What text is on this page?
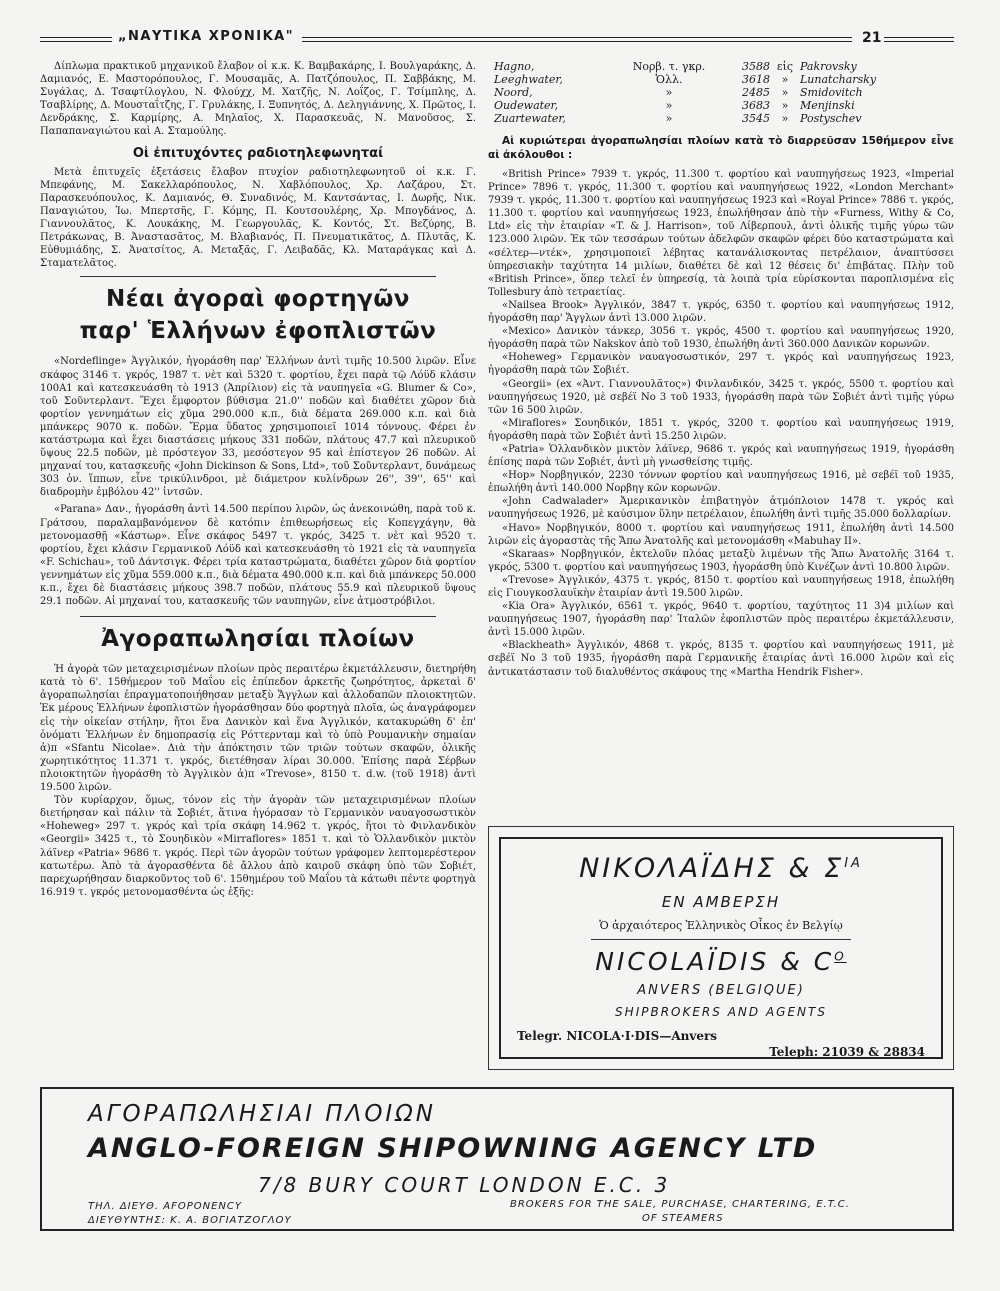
„ΝΑΥΤΙΚΑ ΧΡΟΝΙΚΑ"	21

Δίπλωμα πρακτικοῦ μηχανικοῦ ἔλαβον οἱ κ.κ. Κ. Βαμβακάρης, Ι. Βουλγαράκης, Δ. Δαμιανός, Ε. Μαστορόπουλος, Γ. Μουσαμᾶς, Α. Πατζόπουλος, Π. Σαββάκης, Μ. Συγάλας, Δ. Τσαφτίλογλου, Ν. Φλούχχ, Μ. Χατζῆς, Ν. Λοΐζος, Γ. Τσίμπλης, Δ. Τσαβλίρης, Δ. Μουσταΐτζης, Γ. Γρυλάκης, Ι. Ξυπνητός, Δ. Δεληγιάννης, Χ. Πρῶτος, Ι. Δενδράκης, Σ. Καρμίρης, Α. Μηλαῖος, Χ. Παρασκευᾶς, Ν. Μανοῦσος, Σ. Παπαπαναγιώτου καὶ Α. Σταμούλης.

Οἱ ἐπιτυχόντες ραδιοτηλεφωνηταί

Μετὰ ἐπιτυχεῖς ἐξετάσεις ἔλαβον πτυχίον ραδιοτηλεφωνητοῦ οἱ κ.κ. Γ. Μπεφάνης, Μ. Σακελλαρόπουλος, Ν. Χαβλόπουλος, Χρ. Λαζάρου, Στ. Παρασκευόπουλος, Κ. Δαμιανός, Θ. Συναδινός, Μ. Καντσάντας, Ι. Δωρῆς, Νικ. Παναγιώτου, Ἰω. Μπερτσῆς, Γ. Κόμης, Π. Κουτσουλέρης, Χρ. Μπογδάνος, Δ. Γιαννουλᾶτος, Κ. Λουκάκης, Μ. Γεωργουλᾶς, Κ. Κοντός, Στ. Βεζύρης, Β. Πετράκωνας, Β. Ἀναστασᾶτος, Μ. Βλαβιανός, Π. Πνευματικᾶτος, Δ. Πλυτᾶς, Κ. Εὐθυμιάδης, Σ. Ἀνατσίτος, Α. Μεταξᾶς, Γ. Λειβαδᾶς, Κλ. Ματαράγκας καὶ Δ. Σταματελᾶτος.

Νέαι ἀγοραὶ φορτηγῶν
παρ' Ἑλλήνων ἐφοπλιστῶν

«Nordeflinge» Ἀγγλικόν, ἠγοράσθη παρ' Ἑλλήνων ἀντὶ τιμῆς 10.500 λιρῶν. Εἶνε σκάφος 3146 τ. γκρός, 1987 τ. νὲτ καὶ 5320 τ. φορτίου, ἔχει παρὰ τῷ Λόϋδ κλάσιν 100Α1 καὶ κατεσκευάσθη τὸ 1913 (Ἀπρίλιον) εἰς τὰ ναυπηγεῖα «G. Blumer & Co», τοῦ Σοῦντερλαντ. Ἔχει ἔμφορτον βύθισμα 21.0'' ποδῶν καὶ διαθέτει χῶρον διὰ φορτίον γεννημάτων εἰς χῦμα 290.000 κ.π., διὰ δέματα 269.000 κ.π. καὶ διὰ μπάνκερς 9070 κ. ποδῶν. Ἔρμα ὕδατος χρησιμοποιεῖ 1014 τόννους. Φέρει ἐν κατάστρωμα καὶ ἔχει διαστάσεις μήκους 331 ποδῶν, πλάτους 47.7 καὶ πλευρικοῦ ὕψους 22.5 ποδῶν, μὲ πρόστεγον 33, μεσόστεγον 95 καὶ ἐπίστεγον 26 ποδῶν. Αἱ μηχαναί του, κατασκευῆς «John Dickinson & Sons, Ltd», τοῦ Σοῦντερλαντ, δυνάμεως 303 ὀν. ἵππων, εἶνε τρικύλινδροι, μὲ διάμετρον κυλίνδρων 26'', 39'', 65'' καὶ διαδρομὴν ἐμβόλου 42'' ἰντσῶν.

«Parana» Δαν., ἠγοράσθη ἀντὶ 14.500 περίπου λιρῶν, ὡς ἀνεκοινώθη, παρὰ τοῦ κ. Γράτσου, παραλαμβανόμενον δὲ κατόπιν ἐπιθεωρήσεως εἰς Κοπεγχάγην, θὰ μετονομασθῇ «Κάστωρ». Εἶνε σκάφος 5497 τ. γκρός, 3425 τ. νὲτ καὶ 9520 τ. φορτίου, ἔχει κλάσιν Γερμανικοῦ Λόϋδ καὶ κατεσκευάσθη τὸ 1921 εἰς τὰ ναυπηγεῖα «F. Schichau», τοῦ Δάντσιγκ. Φέρει τρία καταστρώματα, διαθέτει χῶρον διὰ φορτίον γεννημάτων εἰς χῦμα 559.000 κ.π., διὰ δέματα 490.000 κ.π. καὶ διὰ μπάνκερς 50.000 κ.π., ἔχει δὲ διαστάσεις μήκους 398.7 ποδῶν, πλάτους 55.9 καὶ πλευρικοῦ ὕψους 29.1 ποδῶν. Αἱ μηχαναί του, κατασκευῆς τῶν ναυπηγῶν, εἶνε ἀτμοστρόβιλοι.

Ἀγοραπωλησίαι πλοίων

Ἡ ἀγορὰ τῶν μεταχειρισμένων πλοίων πρὸς περαιτέρω ἐκμετάλλευσιν, διετηρήθη κατὰ τὸ 6'. 15θήμερον τοῦ Μαΐου εἰς ἐπίπεδον ἀρκετῆς ζωηρότητος, ἀρκεταὶ δ' ἀγοραπωλησίαι ἐπραγματοποιήθησαν μεταξὺ Ἄγγλων καὶ ἀλλοδαπῶν πλοιοκτητῶν. Ἐκ μέρους Ἑλλήνων ἐφοπλιστῶν ἠγοράσθησαν δύο φορτηγὰ πλοῖα, ὡς ἀναγράφομεν εἰς τὴν οἰκείαν στήλην, ἤτοι ἕνα Δανικὸν καὶ ἕνα Ἀγγλικόν, κατακυρώθη δ' ἐπ' ὀνόματι Ἑλλήνων ἐν δημοπρασίᾳ εἰς Ρόττερνταμ καὶ τὸ ὑπὸ Ρουμανικὴν σημαίαν ἀ)π «Sfantu Nicolae». Διὰ τὴν ἀπόκτησιν τῶν τριῶν τούτων σκαφῶν, ὁλικῆς χωρητικότητος 11.371 τ. γκρός, διετέθησαν λίραι 30.000. Ἐπίσης παρὰ Σέρβων πλοιοκτητῶν ἠγοράσθη τὸ Ἀγγλικὸν ἀ)π «Trevose», 8150 τ. d.w. (τοῦ 1918) ἀντὶ 19.500 λιρῶν.

Τὸν κυρίαρχον, ὅμως, τόνον εἰς τὴν ἀγορὰν τῶν μεταχειρισμένων πλοίων διετήρησαν καὶ πάλιν τὰ Σοβιέτ, ἅτινα ἠγόρασαν τὸ Γερμανικὸν ναυαγοσωστικὸν «Hoheweg» 297 τ. γκρός καὶ τρία σκάφη 14.962 τ. γκρός, ἤτοι τὸ Φινλανδικὸν «Georgii» 3425 τ., τὸ Σουηδικὸν «Mirraflores» 1851 τ. καὶ τὸ Ὁλλανδικὸν μικτὸν λάϊνερ «Patria» 9686 τ. γκρός. Περὶ τῶν ἀγορῶν τούτων γράφομεν λεπτομερέστερον κατωτέρω. Ἀπὸ τὰ ἀγορασθέντα δὲ ἄλλου ἀπὸ καιροῦ σκάφη ὑπὸ τῶν Σοβιέτ, παρεχωρήθησαν διαρκοῦντος τοῦ 6'. 15θημέρου τοῦ Μαΐου τὰ κάτωθι πέντε φορτηγὰ 16.919 τ. γκρός μετονομασθέντα ὡς ἑξῆς:

Hagno,	Νορβ. τ. γκρ.	3588	εἰς	Pakrovsky
Leeghwater,	Ὁλλ.	3618	»	Lunatcharsky
Noord,	»	2485	»	Smidovitch
Oudewater,	»	3683	»	Menjinski
Zuartewater,	»	3545	»	Postyschev

Αἱ κυριώτεραι ἀγοραπωλησίαι πλοίων κατὰ τὸ διαρρεῦσαν 15θήμερον εἶνε αἱ ἀκόλουθοι :

«British Prince» 7939 τ. γκρός, 11.300 τ. φορτίου καὶ ναυπηγήσεως 1923, «Imperial Prince» 7896 τ. γκρός, 11.300 τ. φορτίου καὶ ναυπηγήσεως 1922, «London Merchant» 7939 τ. γκρός, 11.300 τ. φορτίου καὶ ναυπηγήσεως 1923 καὶ «Royal Prince» 7886 τ. γκρός, 11.300 τ. φορτίου καὶ ναυπηγήσεως 1923, ἐπωλήθησαν ἀπὸ τὴν «Furness, Withy & Co, Ltd» εἰς τὴν ἑταιρίαν «T. & J. Harrison», τοῦ Λίβερπουλ, ἀντὶ ὁλικῆς τιμῆς γύρω τῶν 123.000 λιρῶν. Ἐκ τῶν τεσσάρων τούτων ἀδελφῶν σκαφῶν φέρει δύο καταστρώματα καὶ «σέλτερ—ντέκ», χρησιμοποιεῖ λέβητας κατανάλισκοντας πετρέλαιον, ἀναπτύσσει ὑπηρεσιακὴν ταχύτητα 14 μιλίων, διαθέτει δὲ καὶ 12 θέσεις δι' ἐπιβάτας. Πλὴν τοῦ «British Prince», ὅπερ τελεῖ ἐν ὑπηρεσίᾳ, τὰ λοιπὰ τρία εὑρίσκονται παροπλισμένα εἰς Tollesbury ἀπὸ τετραετίας.

«Nailsea Brook» Ἀγγλικόν, 3847 τ. γκρός, 6350 τ. φορτίου καὶ ναυπηγήσεως 1912, ἠγοράσθη παρ' Ἄγγλων ἀντὶ 13.000 λιρῶν.

«Mexico» Δανικὸν τάνκερ, 3056 τ. γκρός, 4500 τ. φορτίου καὶ ναυπηγήσεως 1920, ἠγοράσθη παρὰ τῶν Nakskov ἀπὸ τοῦ 1930, ἐπωλήθη ἀντὶ 360.000 Δανικῶν κορωνῶν.

«Hoheweg» Γερμανικὸν ναυαγοσωστικόν, 297 τ. γκρός καὶ ναυπηγήσεως 1923, ἠγοράσθη παρὰ τῶν Σοβιέτ.

«Georgii» (ex «Ἀντ. Γιαννουλᾶτος») Φινλανδικόν, 3425 τ. γκρός, 5500 τ. φορτίου καὶ ναυπηγήσεως 1920, μὲ σεβέϊ No 3 τοῦ 1933, ἠγοράσθη παρὰ τῶν Σοβιέτ ἀντὶ τιμῆς γύρω τῶν 16 500 λιρῶν.

«Miraflores» Σουηδικόν, 1851 τ. γκρός, 3200 τ. φορτίου καὶ ναυπηγήσεως 1919, ἠγοράσθη παρὰ τῶν Σοβιέτ ἀντὶ 15.250 λιρῶν.

«Patria» Ὁλλανδικὸν μικτὸν λάϊνερ, 9686 τ. γκρός καὶ ναυπηγήσεως 1919, ἠγοράσθη ἐπίσης παρὰ τῶν Σοβιέτ, ἀντὶ μὴ γνωσθείσης τιμῆς.

«Hop» Νορβηγικόν, 2230 τόννων φορτίου καὶ ναυπηγήσεως 1916, μὲ σεβέϊ τοῦ 1935, ἐπωλήθη ἀντὶ 140.000 Νορβηγ κῶν κορωνῶν.

«John Cadwalader» Ἀμερικανικὸν ἐπιβατηγὸν ἀτμόπλοιον 1478 τ. γκρός καὶ ναυπηγήσεως 1926, μὲ καύσιμον ὕλην πετρέλαιον, ἐπωλήθη ἀντὶ τιμῆς 35.000 δολλαρίων.

«Havo» Νορβηγικόν, 8000 τ. φορτίου καὶ ναυπηγήσεως 1911, ἐπωλήθη ἀντὶ 14.500 λιρῶν εἰς ἀγοραστὰς τῆς Ἄπω Ἀνατολῆς καὶ μετονομάσθη «Mabuhay II».

«Skaraas» Νορβηγικόν, ἐκτελοῦν πλόας μεταξὺ λιμένων τῆς Ἄπω Ἀνατολῆς 3164 τ. γκρός, 5300 τ. φορτίου καὶ ναυπηγήσεως 1903, ἠγοράσθη ὑπὸ Κινέζων ἀντὶ 10.800 λιρῶν.

«Trevose» Ἀγγλικόν, 4375 τ. γκρός, 8150 τ. φορτίου καὶ ναυπηγήσεως 1918, ἐπωλήθη εἰς Γιουγκοσλαυϊκὴν ἑταιρίαν ἀντὶ 19.500 λιρῶν.

«Kia Ora» Ἀγγλικόν, 6561 τ. γκρός, 9640 τ. φορτίου, ταχύτητος 11 3)4 μιλίων καὶ ναυπηγήσεως 1907, ἠγοράσθη παρ' Ἰταλῶν ἐφοπλιστῶν πρὸς περαιτέρω ἐκμετάλλευσιν, ἀντὶ 15.000 λιρῶν.

«Blackheath» Ἀγγλικόν, 4868 τ. γκρός, 8135 τ. φορτίου καὶ ναυπηγήσεως 1911, μὲ σεβέϊ No 3 τοῦ 1935, ἠγοράσθη παρὰ Γερμανικῆς ἑταιρίας ἀντὶ 16.000 λιρῶν καὶ εἰς ἀντικατάστασιν τοῦ διαλυθέντος σκάφους της «Martha Hendrik Fisher».

ΝΙΚΟΛΑΪΔΗΣ & $\Sigma^{IA}$
ΕΝ ΑΜΒΕΡΣΗ
Ὁ ἀρχαιότερος Ἑλληνικὸς Οἶκος ἐν Βελγίῳ
NICOLAÏDIS & $C^O$
ANVERS (BELGIQUE)
SHIPBROKERS AND AGENTS
Telegr. NICOLA·I·DIS—Anvers
Teleph: 21039 & 28834
ΑΓΟΡΑΠΩΛΗΣΙΑΙ ΠΛΟΙΩΝ
ANGLO-FOREIGN SHIPOWNING AGENCY LTD
7/8 BURY COURT LONDON E.C. 3
ΤΗΛ. ΔΙΕΥΘ. AFOPONENCY
ΔΙΕΥΘΥΝΤΗΣ: Κ. Α. ΒΟΓΙΑΤΖΟΓΛΟΥ
BROKERS FOR THE SALE, PURCHASE, CHARTERING, E.T.C.
OF STEAMERS
